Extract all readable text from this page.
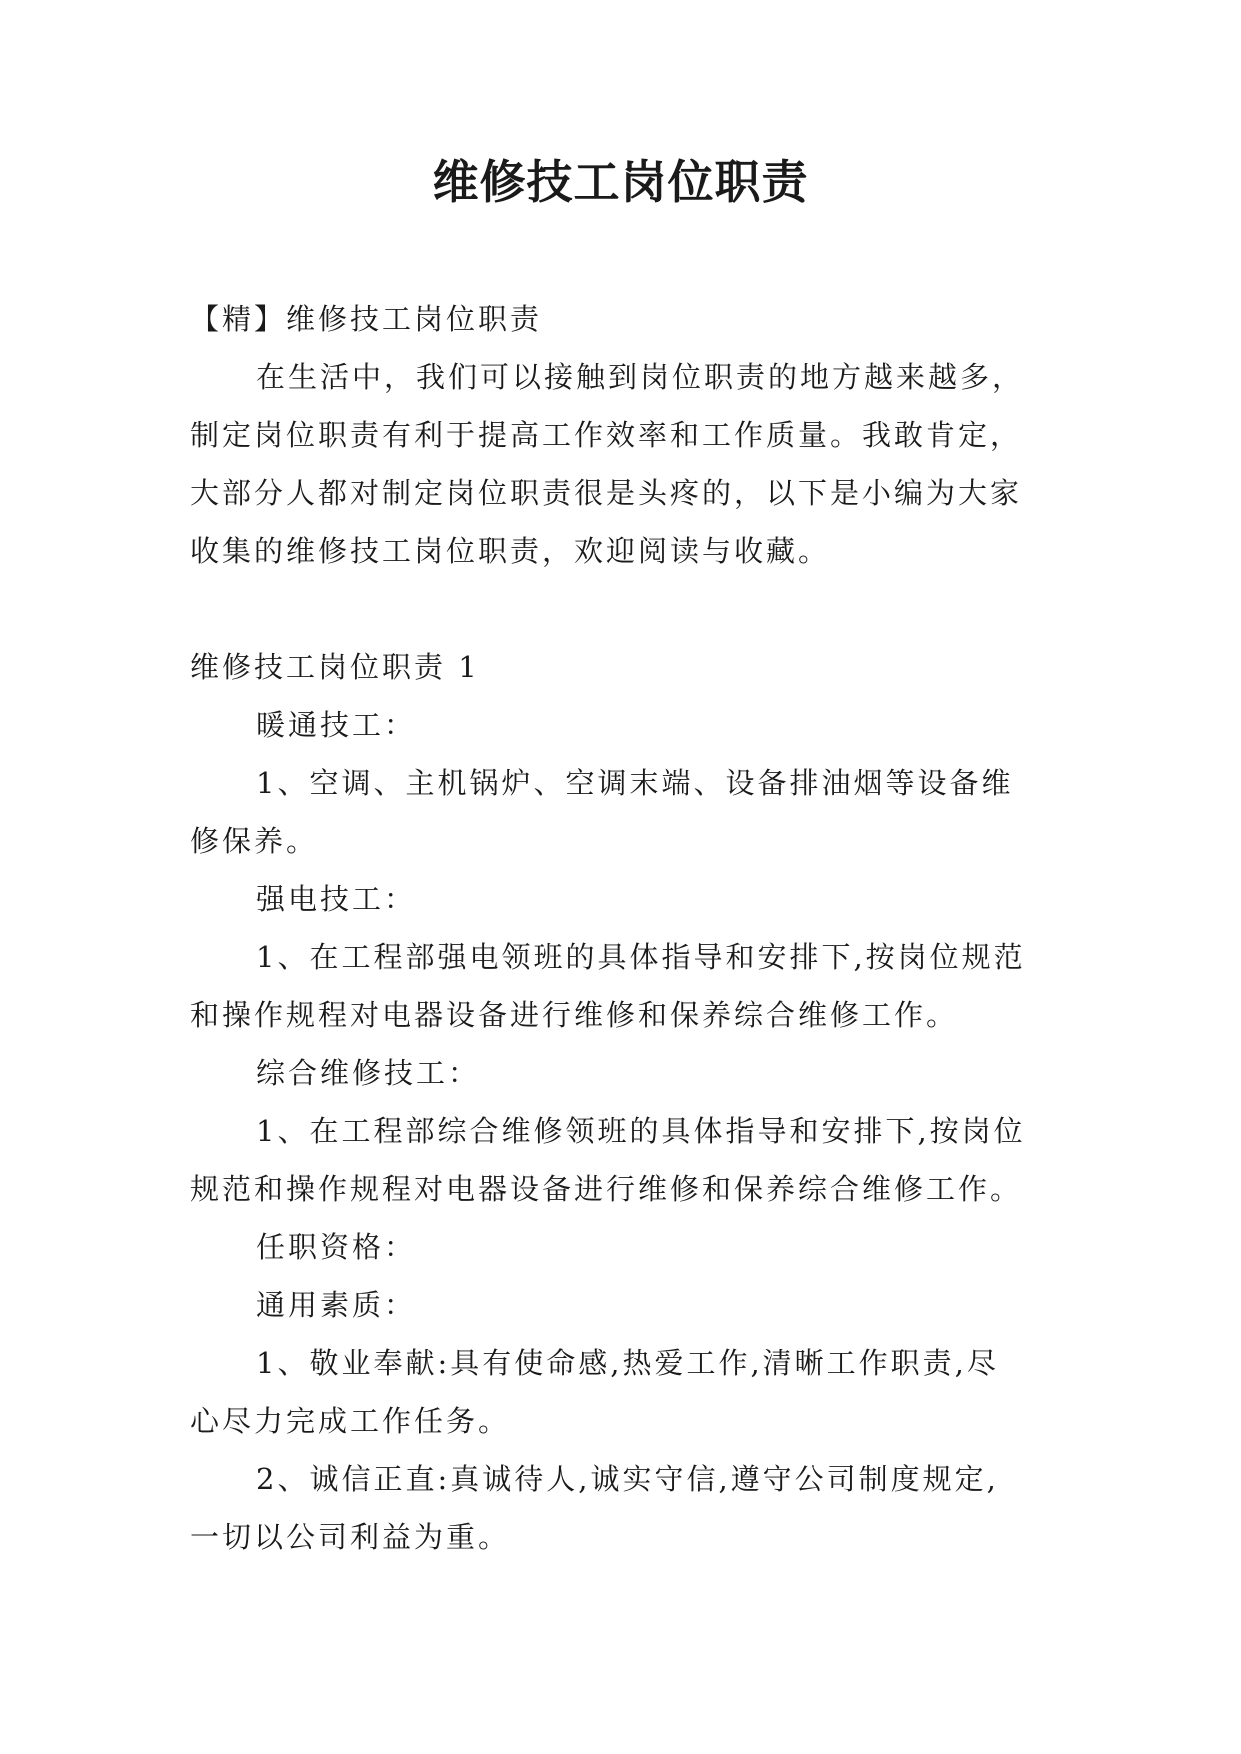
维修技工岗位职责
【精】维修技工岗位职责
在生活中，我们可以接触到岗位职责的地方越来越多，
制定岗位职责有利于提高工作效率和工作质量。我敢肯定，
大部分人都对制定岗位职责很是头疼的，以下是小编为大家
收集的维修技工岗位职责，欢迎阅读与收藏。
维修技工岗位职责 1
暖通技工：
1、空调、主机锅炉、空调末端、设备排油烟等设备维
修保养。
强电技工：
1、在工程部强电领班的具体指导和安排下,按岗位规范
和操作规程对电器设备进行维修和保养综合维修工作。
综合维修技工：
1、在工程部综合维修领班的具体指导和安排下,按岗位
规范和操作规程对电器设备进行维修和保养综合维修工作。
任职资格：
通用素质：
1、敬业奉献:具有使命感,热爱工作,清晰工作职责,尽
心尽力完成工作任务。
2、诚信正直:真诚待人,诚实守信,遵守公司制度规定,
一切以公司利益为重。
